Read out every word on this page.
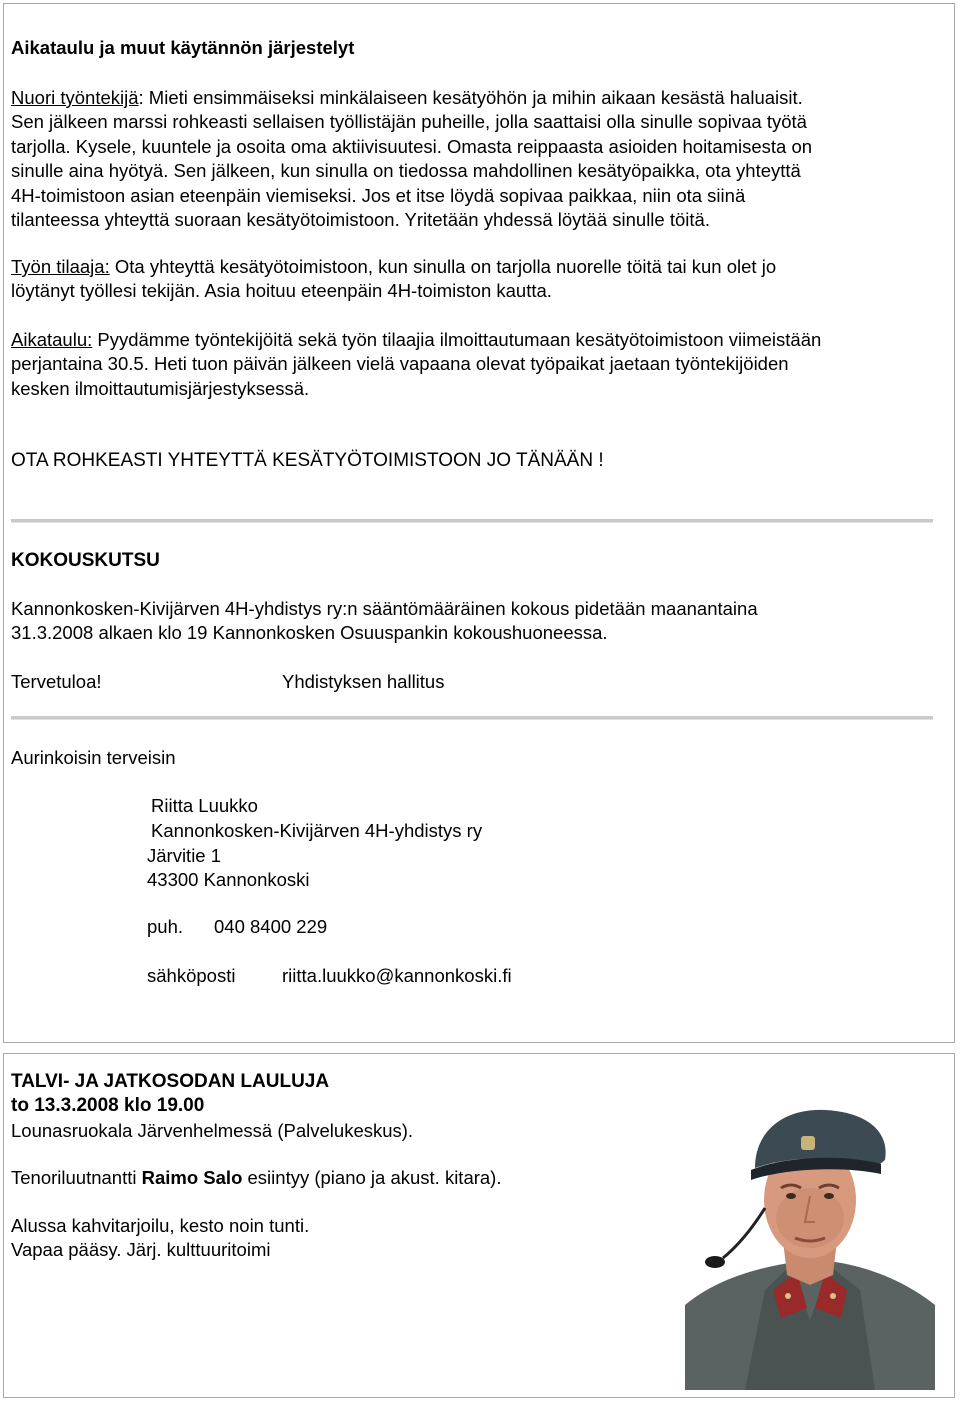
Aikataulu ja muut käytännön järjestelyt
Nuori työntekijä: Mieti ensimmäiseksi minkälaiseen kesätyöhön ja mihin aikaan kesästä haluaisit.
Sen jälkeen marssi rohkeasti sellaisen työllistäjän puheille, jolla saattaisi olla sinulle sopivaa työtä
tarjolla. Kysele, kuuntele ja osoita oma aktiivisuutesi. Omasta reippaasta asioiden hoitamisesta on
sinulle aina hyötyä. Sen jälkeen, kun sinulla on tiedossa mahdollinen kesätyöpaikka, ota yhteyttä
4H-toimistoon asian eteenpäin viemiseksi. Jos et itse löydä sopivaa paikkaa, niin ota siinä
tilanteessa yhteyttä suoraan kesätyötoimistoon. Yritetään yhdessä löytää sinulle töitä.
Työn tilaaja: Ota yhteyttä kesätyötoimistoon, kun sinulla on tarjolla nuorelle töitä tai kun olet jo
löytänyt työllesi tekijän. Asia hoituu eteenpäin 4H-toimiston kautta.
Aikataulu: Pyydämme työntekijöitä sekä työn tilaajia ilmoittautumaan kesätyötoimistoon viimeistään
perjantaina 30.5. Heti tuon päivän jälkeen vielä vapaana olevat työpaikat jaetaan työntekijöiden
kesken ilmoittautumisjärjestyksessä.
OTA ROHKEASTI YHTEYTTÄ KESÄTYÖTOIMISTOON JO TÄNÄÄN !
KOKOUSKUTSU
Kannonkosken-Kivijärven 4H-yhdistys ry:n sääntömääräinen kokous pidetään maanantaina
31.3.2008 alkaen klo 19 Kannonkosken Osuuspankin kokoushuoneessa.
Tervetuloa!	Yhdistyksen hallitus
Aurinkoisin terveisin
Riitta Luukko
Kannonkosken-Kivijärven 4H-yhdistys ry
Järvitie 1
43300 Kannonkoski
puh. 040 8400 229
sähköposti	riitta.luukko@kannonkoski.fi
TALVI- JA JATKOSODAN LAULUJA
to 13.3.2008 klo 19.00
Lounasruokala Järvenhelmessä (Palvelukeskus).
Tenoriluutnantti Raimo Salo esiintyy (piano ja akust. kitara).
Alussa kahvitarjoilu, kesto noin tunti.
Vapaa pääsy. Järj. kulttuuritoimi
